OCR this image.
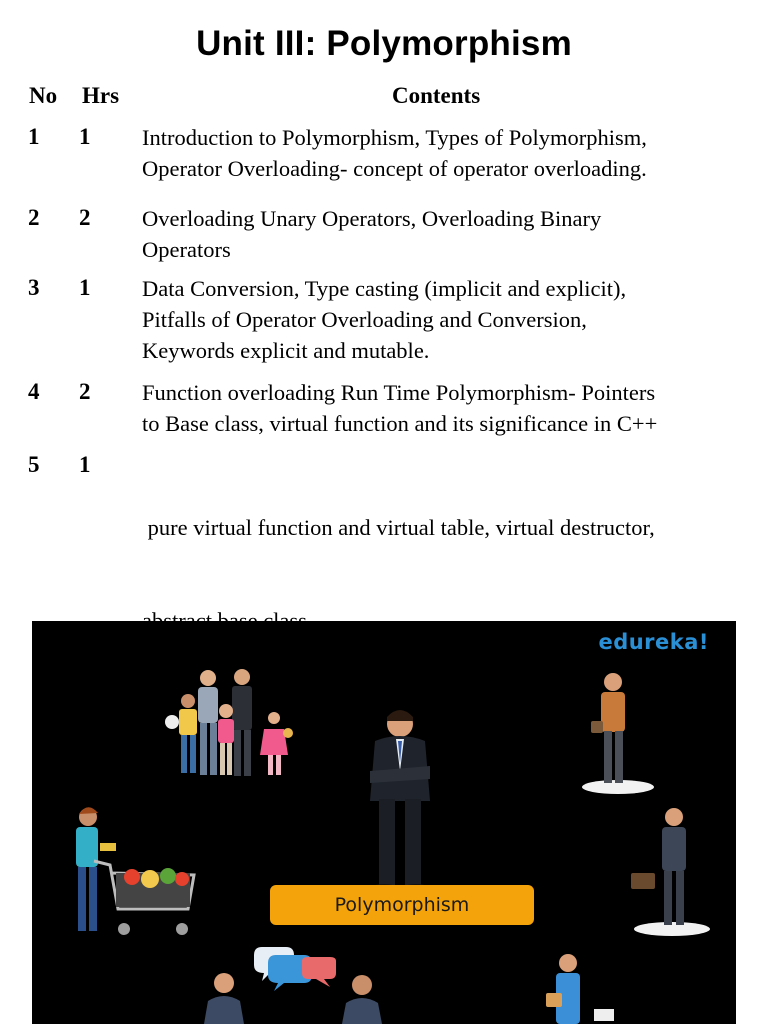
Unit III: Polymorphism
No Hrs	Contents
1 1 Introduction to Polymorphism, Types of Polymorphism,
Operator Overloading- concept of operator overloading.
2 2 Overloading Unary Operators, Overloading Binary
Operators
3 1 Data Conversion, Type casting (implicit and explicit),
Pitfalls of Operator Overloading and Conversion,
Keywords explicit and mutable.
4 2 Function overloading Run Time Polymorphism- Pointers
to Base class, virtual function and its significance in C++
5 1

pure virtual function and virtual table, virtual destructor,

edureka!
Polymorphism
